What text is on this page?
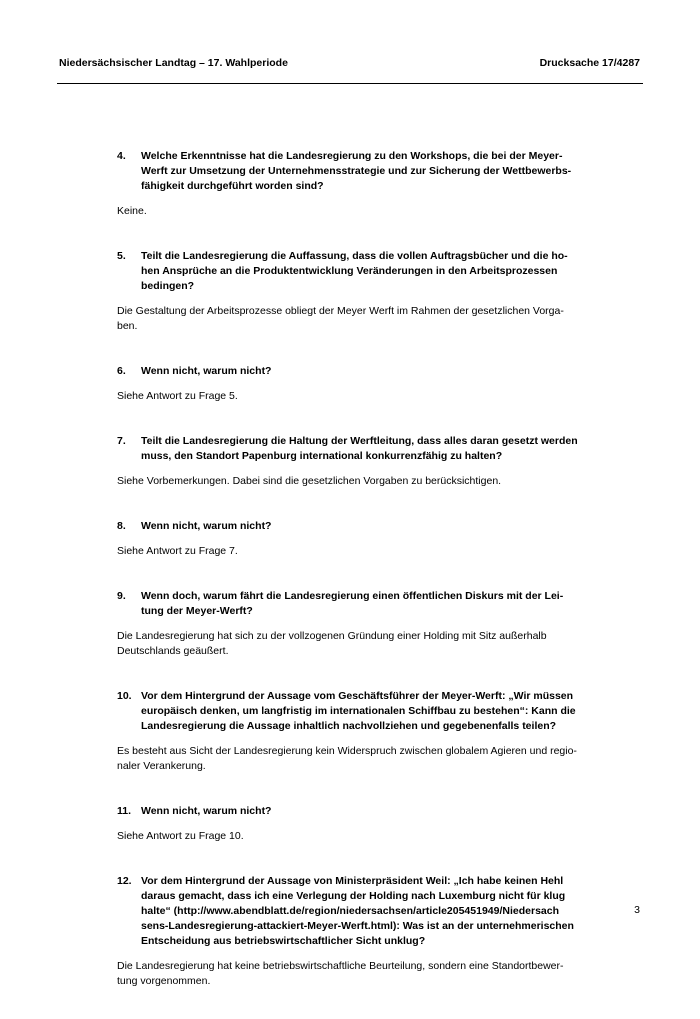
Niedersächsischer Landtag – 17. Wahlperiode	Drucksache 17/4287
4.	Welche Erkenntnisse hat die Landesregierung zu den Workshops, die bei der Meyer-
Werft zur Umsetzung der Unternehmensstrategie und zur Sicherung der Wettbewerbs-
fähigkeit durchgeführt worden sind?
Keine.
5.	Teilt die Landesregierung die Auffassung, dass die vollen Auftragsbücher und die ho-
hen Ansprüche an die Produktentwicklung Veränderungen in den Arbeitsprozessen
bedingen?
Die Gestaltung der Arbeitsprozesse obliegt der Meyer Werft im Rahmen der gesetzlichen Vorga-
ben.
6.	Wenn nicht, warum nicht?
Siehe Antwort zu Frage 5.
7.	Teilt die Landesregierung die Haltung der Werftleitung, dass alles daran gesetzt werden
muss, den Standort Papenburg international konkurrenzfähig zu halten?
Siehe Vorbemerkungen. Dabei sind die gesetzlichen Vorgaben zu berücksichtigen.
8.	Wenn nicht, warum nicht?
Siehe Antwort zu Frage 7.
9.	Wenn doch, warum fährt die Landesregierung einen öffentlichen Diskurs mit der Lei-
tung der Meyer-Werft?
Die Landesregierung hat sich zu der vollzogenen Gründung einer Holding mit Sitz außerhalb
Deutschlands geäußert.
10. Vor dem Hintergrund der Aussage vom Geschäftsführer der Meyer-Werft: „Wir müssen
europäisch denken, um langfristig im internationalen Schiffbau zu bestehen“: Kann die
Landesregierung die Aussage inhaltlich nachvollziehen und gegebenenfalls teilen?
Es besteht aus Sicht der Landesregierung kein Widerspruch zwischen globalem Agieren und regio-
naler Verankerung.
11. Wenn nicht, warum nicht?
Siehe Antwort zu Frage 10.
12. Vor dem Hintergrund der Aussage von Ministerpräsident Weil: „Ich habe keinen Hehl
daraus gemacht, dass ich eine Verlegung der Holding nach Luxemburg nicht für klug
halte“ (http://www.abendblatt.de/region/niedersachsen/article205451949/Niedersach
sens-Landesregierung-attackiert-Meyer-Werft.html): Was ist an der unternehmerischen
Entscheidung aus betriebswirtschaftlicher Sicht unklug?
Die Landesregierung hat keine betriebswirtschaftliche Beurteilung, sondern eine Standortbewer-
tung vorgenommen.
3
